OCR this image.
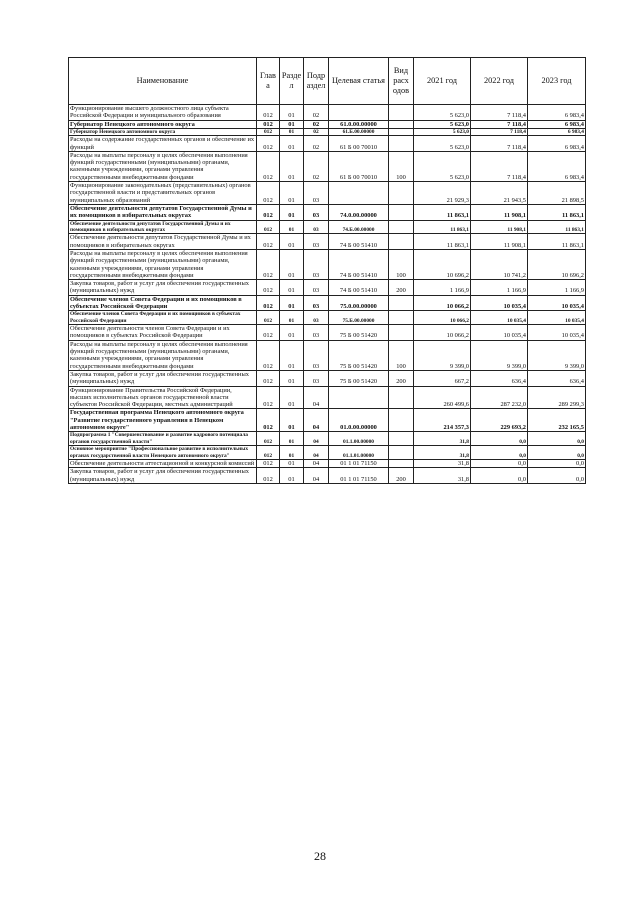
Наименование	Глав а	Разде л	Подр аздел	Целевая статья	Вид расх одов	2021 год	2022 год	2023 год
Функционирование высшего должностного лица субъекта Российской Федерации и муниципального образования	012	01	02			5 623,0	7 118,4	6 983,4
Губернатор Ненецкого автономного округа	012	01	02	61.0.00.00000		5 623,0	7 118,4	6 983,4
Губернатор Ненецкого автономного округа	012	01	02	61.Б.00.00000		5 623,0	7 118,4	6 983,4
Расходы на содержание государственных органов и обеспечение их функций	012	01	02	61 Б 00 70010		5 623,0	7 118,4	6 983,4
Расходы на выплаты персоналу в целях обеспечения выполнения функций государственными (муниципальными) органами, казенными учреждениями, органами управления государственными внебюджетными фондами	012	01	02	61 Б 00 70010	100	5 623,0	7 118,4	6 983,4
Функционирование законодательных (представительных) органов государственной власти и представительных органов муниципальных образований	012	01	03			21 929,3	21 943,5	21 898,5
Обеспечение деятельности депутатов Государственной Думы и их помощников в избирательных округах	012	01	03	74.0.00.00000		11 863,1	11 908,1	11 863,1
Обеспечение деятельности депутатов Государственной Думы и их помощников в избирательных округах	012	01	03	74.Б.00.00000		11 863,1	11 908,1	11 863,1
Обеспечение деятельности депутатов Государственной Думы и их помощников в избирательных округах	012	01	03	74 Б 00 51410		11 863,1	11 908,1	11 863,1
Расходы на выплаты персоналу в целях обеспечения выполнения функций государственными (муниципальными) органами, казенными учреждениями, органами управления государственными внебюджетными фондами	012	01	03	74 Б 00 51410	100	10 696,2	10 741,2	10 696,2
Закупка товаров, работ и услуг для обеспечения государственных (муниципальных) нужд	012	01	03	74 Б 00 51410	200	1 166,9	1 166,9	1 166,9
Обеспечение членов Совета Федерации и их помощников в субъектах Российской Федерации	012	01	03	75.0.00.00000		10 066,2	10 035,4	10 035,4
Обеспечение членов Совета Федерации и их помощников в субъектах Российской Федерации	012	01	03	75.Б.00.00000		10 066,2	10 035,4	10 035,4
Обеспечение деятельности членов Совета Федерации и их помощников в субъектах Российской Федерации	012	01	03	75 Б 00 51420		10 066,2	10 035,4	10 035,4
Расходы на выплаты персоналу в целях обеспечения выполнения функций государственными (муниципальными) органами, казенными учреждениями, органами управления государственными внебюджетными фондами	012	01	03	75 Б 00 51420	100	9 399,0	9 399,0	9 399,0
Закупка товаров, работ и услуг для обеспечения государственных (муниципальных) нужд	012	01	03	75 Б 00 51420	200	667,2	636,4	636,4
Функционирование Правительства Российской Федерации, высших исполнительных органов государственной власти субъектов Российской Федерации, местных администраций	012	01	04			260 499,6	287 232,0	289 299,3
Государственная программа Ненецкого автономного округа "Развитие государственного управления в Ненецком автономном округе"	012	01	04	01.0.00.00000		214 357,3	229 693,2	232 165,5
Подпрограмма 1 "Совершенствование и развитие кадрового потенциала органов государственной власти"	012	01	04	01.1.00.00000		31,8	0,0	0,0
Основное мероприятие "Профессиональное развитие в исполнительных органах государственной власти Ненецкого автономного округа"	012	01	04	01.1.01.00000		31,8	0,0	0,0
Обеспечение деятельности аттестационной и конкурсной комиссий	012	01	04	01 1 01 71150		31,8	0,0	0,0
Закупка товаров, работ и услуг для обеспечения государственных (муниципальных) нужд	012	01	04	01 1 01 71150	200	31,8	0,0	0,0
28
